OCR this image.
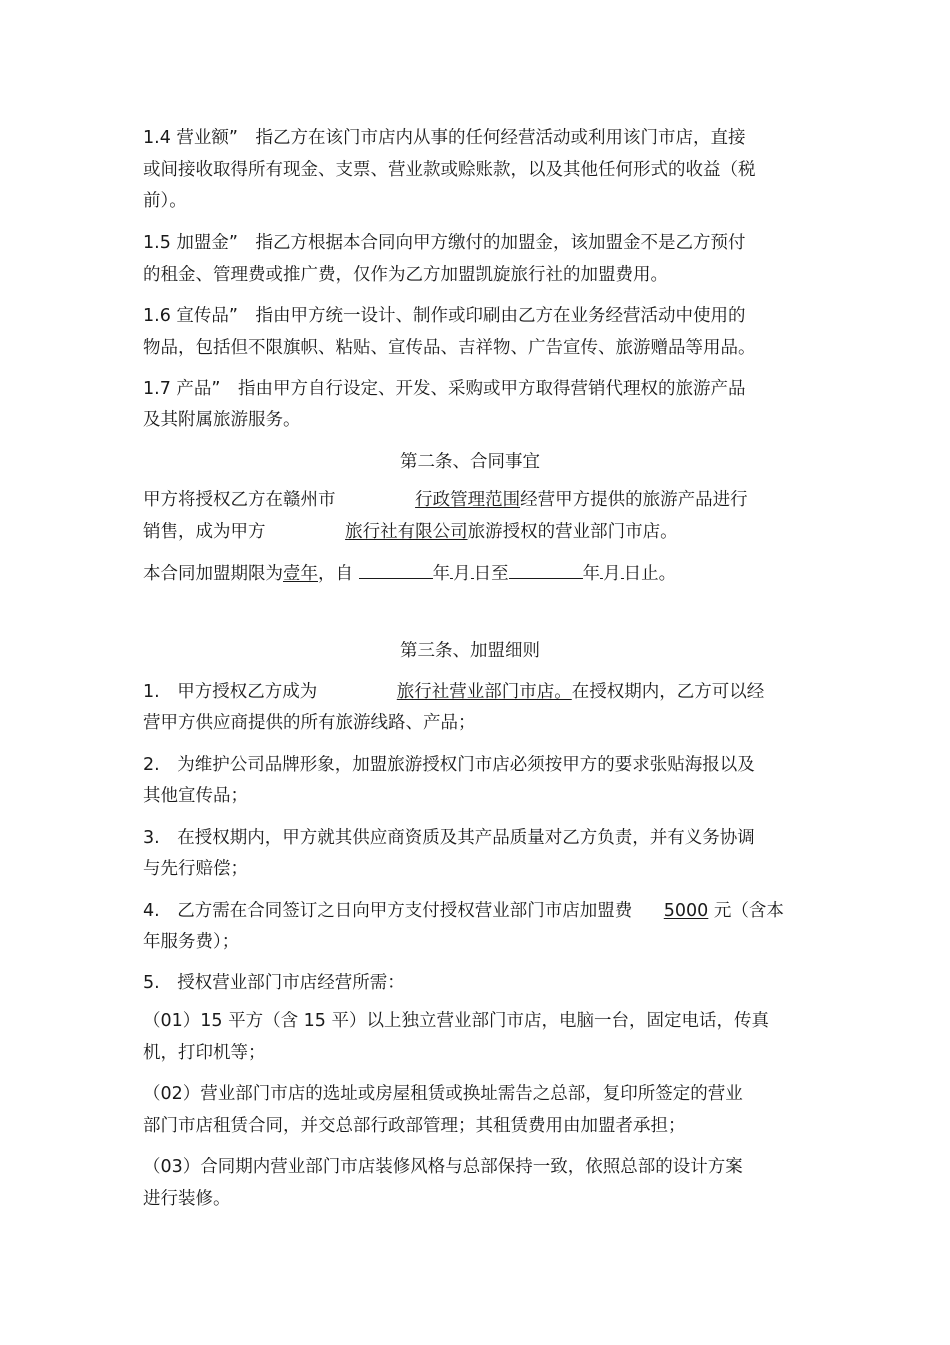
1.4 营业额”　指乙方在该门市店内从事的任何经营活动或利用该门市店，直接
或间接收取得所有现金、支票、营业款或赊账款，以及其他任何形式的收益（税
前）。
1.5 加盟金”　指乙方根据本合同向甲方缴付的加盟金，该加盟金不是乙方预付
的租金、管理费或推广费，仅作为乙方加盟凯旋旅行社的加盟费用。
1.6 宣传品”　指由甲方统一设计、制作或印刷由乙方在业务经营活动中使用的
物品，包括但不限旗帜、粘贴、宣传品、吉祥物、广告宣传、旅游赠品等用品。
1.7 产品”　指由甲方自行设定、开发、采购或甲方取得营销代理权的旅游产品
及其附属旅游服务。
第二条、合同事宜
甲方将授权乙方在赣州市	行政管理范围经营甲方提供的旅游产品进行
销售，成为甲方	旅行社有限公司旅游授权的营业部门市店。
本合同加盟期限为壹年，自	年 月 日至	年 月 日止。
第三条、加盟细则
1.　甲方授权乙方成为	旅行社营业部门市店。在授权期内，乙方可以经
营甲方供应商提供的所有旅游线路、产品；
2.　为维护公司品牌形象，加盟旅游授权门市店必须按甲方的要求张贴海报以及
其他宣传品；
3.　在授权期内，甲方就其供应商资质及其产品质量对乙方负责，并有义务协调
与先行赔偿；
4.　乙方需在合同签订之日向甲方支付授权营业部门市店加盟费 5000 元（含本
年服务费）；
5.　授权营业部门市店经营所需：
（01）15 平方（含 15 平）以上独立营业部门市店，电脑一台，固定电话，传真
机，打印机等；
（02）营业部门市店的选址或房屋租赁或换址需告之总部，复印所签定的营业
部门市店租赁合同，并交总部行政部管理；其租赁费用由加盟者承担；
（03）合同期内营业部门市店装修风格与总部保持一致，依照总部的设计方案
进行装修。
